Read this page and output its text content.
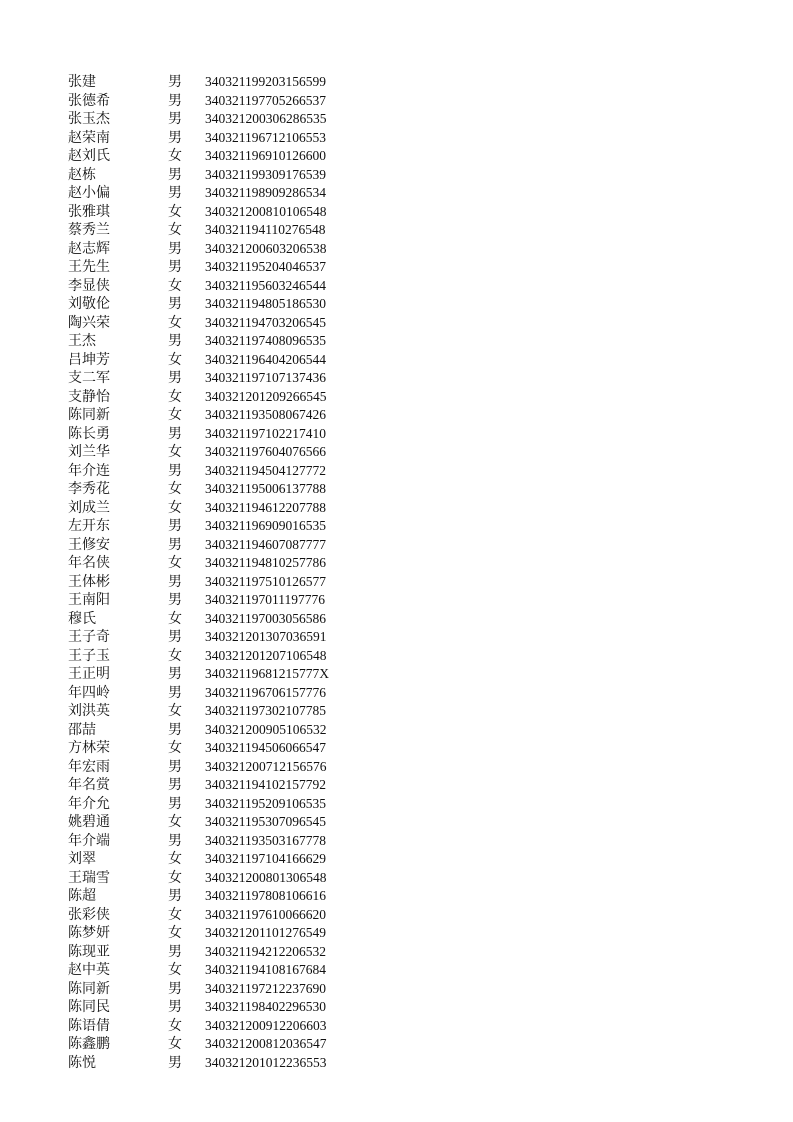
张建	男 340321199203156599
张德希	男 340321197705266537
张玉杰	男 340321200306286535
赵荣南	男 340321196712106553
赵刘氏	女 340321196910126600
赵栋	男 340321199309176539
赵小偏	男 340321198909286534
张雅琪	女 340321200810106548
蔡秀兰	女 340321194110276548
赵志辉	男 340321200603206538
王先生	男 340321195204046537
李显侠	女 340321195603246544
刘敬伦	男 340321194805186530
陶兴荣	女 340321194703206545
王杰	男 340321197408096535
吕坤芳	女 340321196404206544
支二军	男 340321197107137436
支静怡	女 340321201209266545
陈同新	女 340321193508067426
陈长勇	男 340321197102217410
刘兰华	女 340321197604076566
年介连	男 340321194504127772
李秀花	女 340321195006137788
刘成兰	女 340321194612207788
左开东	男 340321196909016535
王修安	男 340321194607087777
年名侠	女 340321194810257786
王体彬	男 340321197510126577
王南阳	男 340321197011197776
穆氏	女 340321197003056586
王子奇	男 340321201307036591
王子玉	女 340321201207106548
王正明	男 34032119681215777X
年四岭	男 340321196706157776
刘洪英	女 340321197302107785
邵喆	男 340321200905106532
方林荣	女 340321194506066547
年宏雨	男 340321200712156576
年名赏	男 340321194102157792
年介允	男 340321195209106535
姚碧通	女 340321195307096545
年介端	男 340321193503167778
刘翠	女 340321197104166629
王瑞雪	女 340321200801306548
陈超	男 340321197808106616
张彩侠	女 340321197610066620
陈梦妍	女 340321201101276549
陈现亚	男 340321194212206532
赵中英	女 340321194108167684
陈同新	男 340321197212237690
陈同民	男 340321198402296530
陈语倩	女 340321200912206603
陈鑫鹏	女 340321200812036547
陈悦	男 340321201012236553
